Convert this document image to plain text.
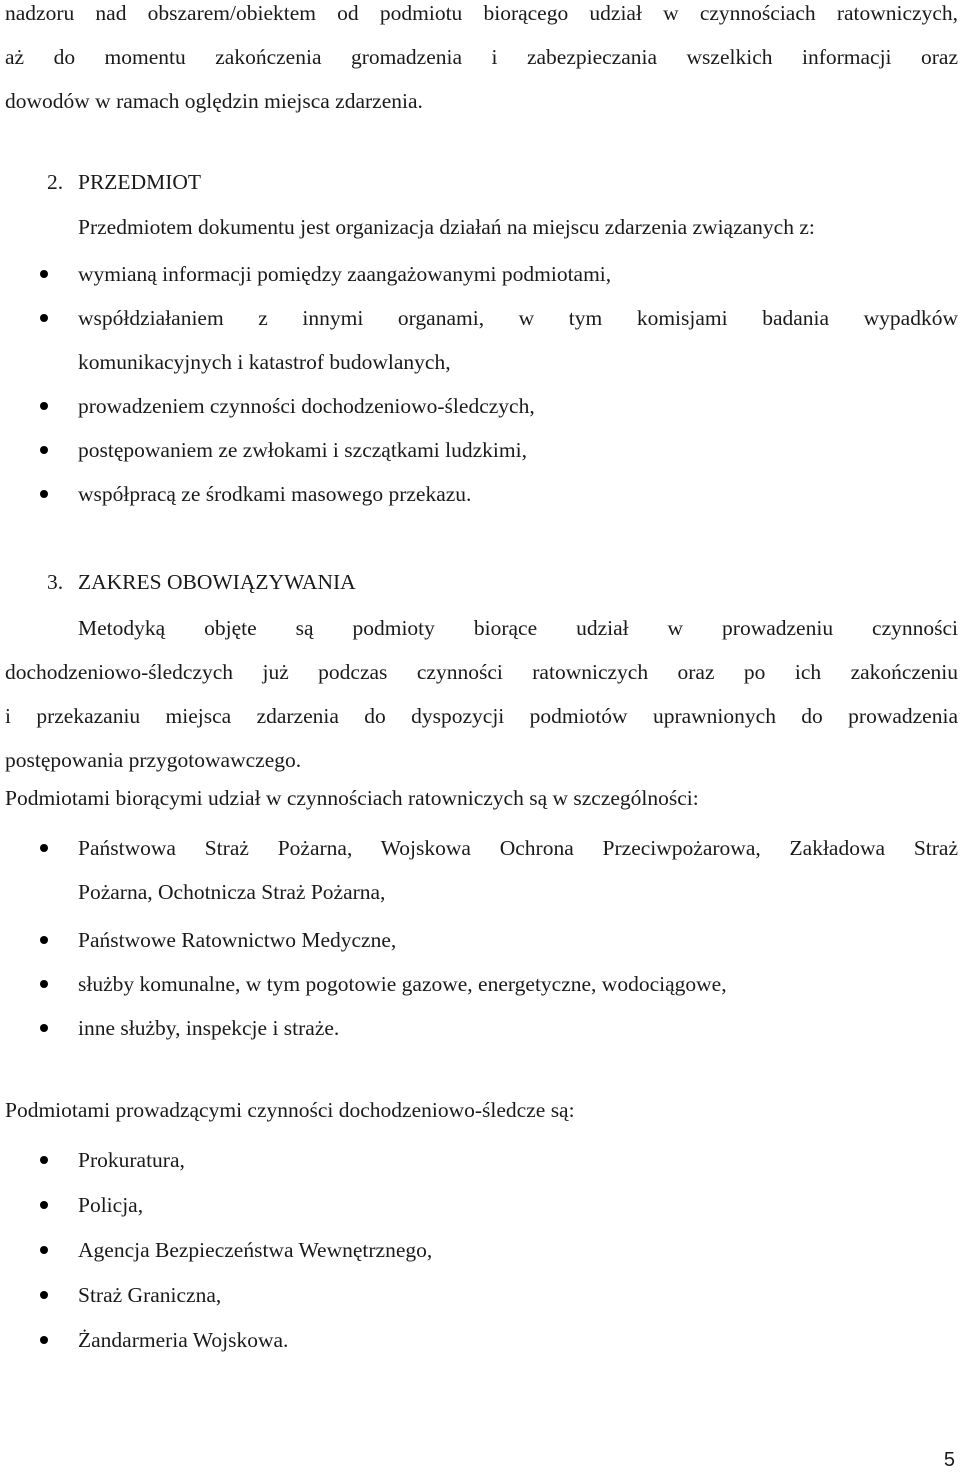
nadzoru nad obszarem/obiektem od podmiotu biorącego udział w czynnościach ratowniczych,
aż do momentu zakończenia gromadzenia i zabezpieczania wszelkich informacji oraz
dowodów w ramach oględzin miejsca zdarzenia.
2. PRZEDMIOT
Przedmiotem dokumentu jest organizacja działań na miejscu zdarzenia związanych z:
wymianą informacji pomiędzy zaangażowanymi podmiotami,
współdziałaniem z innymi organami, w tym komisjami badania wypadków
komunikacyjnych i katastrof budowlanych,
prowadzeniem czynności dochodzeniowo-śledczych,
postępowaniem ze zwłokami i szczątkami ludzkimi,
współpracą ze środkami masowego przekazu.
3. ZAKRES OBOWIĄZYWANIA
Metodyką objęte są podmioty biorące udział w prowadzeniu czynności
dochodzeniowo-śledczych już podczas czynności ratowniczych oraz po ich zakończeniu
i przekazaniu miejsca zdarzenia do dyspozycji podmiotów uprawnionych do prowadzenia
postępowania przygotowawczego.
Podmiotami biorącymi udział w czynnościach ratowniczych są w szczególności:
Państwowa Straż Pożarna, Wojskowa Ochrona Przeciwpożarowa, Zakładowa Straż
Pożarna, Ochotnicza Straż Pożarna,
Państwowe Ratownictwo Medyczne,
służby komunalne, w tym pogotowie gazowe, energetyczne, wodociągowe,
inne służby, inspekcje i straże.
Podmiotami prowadzącymi czynności dochodzeniowo-śledcze są:
Prokuratura,
Policja,
Agencja Bezpieczeństwa Wewnętrznego,
Straż Graniczna,
Żandarmeria Wojskowa.
5
